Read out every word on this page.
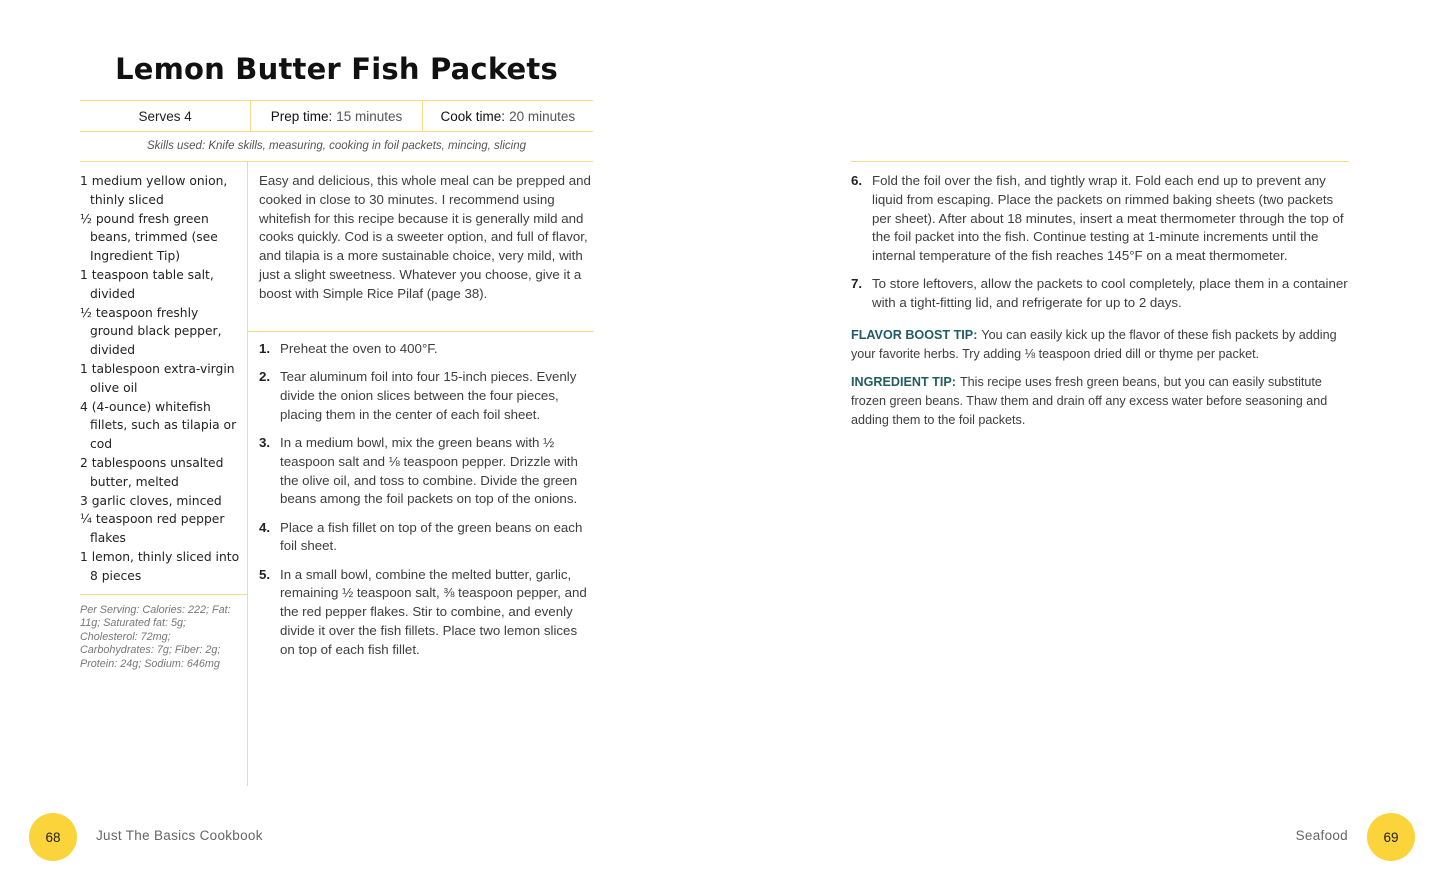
Lemon Butter Fish Packets
Serves 4	Prep time: 15 minutes	Cook time: 20 minutes
Skills used: Knife skills, measuring, cooking in foil packets, mincing, slicing
1 medium yellow onion, thinly sliced
½ pound fresh green beans, trimmed (see Ingredient Tip)
1 teaspoon table salt, divided
½ teaspoon freshly ground black pepper, divided
1 tablespoon extra-virgin olive oil
4 (4-ounce) whitefish fillets, such as tilapia or cod
2 tablespoons unsalted butter, melted
3 garlic cloves, minced
¼ teaspoon red pepper flakes
1 lemon, thinly sliced into 8 pieces
Per Serving: Calories: 222; Fat: 11g; Saturated fat: 5g; Cholesterol: 72mg; Carbohydrates: 7g; Fiber: 2g; Protein: 24g; Sodium: 646mg

Easy and delicious, this whole meal can be prepped and cooked in close to 30 minutes. I recommend using whitefish for this recipe because it is generally mild and cooks quickly. Cod is a sweeter option, and full of flavor, and tilapia is a more sustainable choice, very mild, with just a slight sweetness. Whatever you choose, give it a boost with Simple Rice Pilaf (page 38).

1. Preheat the oven to 400°F.
2. Tear aluminum foil into four 15-inch pieces. Evenly divide the onion slices between the four pieces, placing them in the center of each foil sheet.
3. In a medium bowl, mix the green beans with ½ teaspoon salt and ⅛ teaspoon pepper. Drizzle with the olive oil, and toss to combine. Divide the green beans among the foil packets on top of the onions.
4. Place a fish fillet on top of the green beans on each foil sheet.
5. In a small bowl, combine the melted butter, garlic, remaining ½ teaspoon salt, ⅜ teaspoon pepper, and the red pepper flakes. Stir to combine, and evenly divide it over the fish fillets. Place two lemon slices on top of each fish fillet.
68	Just The Basics Cookbook
6. Fold the foil over the fish, and tightly wrap it. Fold each end up to prevent any liquid from escaping. Place the packets on rimmed baking sheets (two packets per sheet). After about 18 minutes, insert a meat thermometer through the top of the foil packet into the fish. Continue testing at 1-minute increments until the internal temperature of the fish reaches 145°F on a meat thermometer.
7. To store leftovers, allow the packets to cool completely, place them in a container with a tight-fitting lid, and refrigerate for up to 2 days.

FLAVOR BOOST TIP: You can easily kick up the flavor of these fish packets by adding your favorite herbs. Try adding ⅛ teaspoon dried dill or thyme per packet.

INGREDIENT TIP: This recipe uses fresh green beans, but you can easily substitute frozen green beans. Thaw them and drain off any excess water before seasoning and adding them to the foil packets.

Seafood	69
